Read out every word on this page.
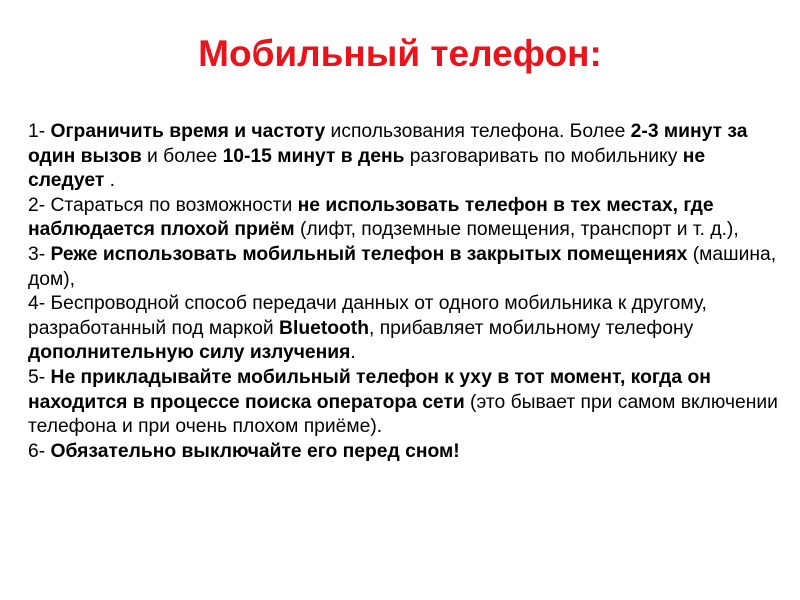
Мобильный телефон:

1- Ограничить время и частоту использования телефона. Более 2-3 минут за один вызов и более 10-15 минут в день разговаривать по мобильнику не следует .

2- Стараться по возможности не использовать телефон в тех местах, где наблюдается плохой приём (лифт, подземные помещения, транспорт и т. д.),

3- Реже использовать мобильный телефон в закрытых помещениях (машина, дом),

4- Беспроводной способ передачи данных от одного мобильника к другому, разработанный под маркой Bluetooth, прибавляет мобильному телефону дополнительную силу излучения.

5- Не прикладывайте мобильный телефон к уху в тот момент, когда он находится в процессе поиска оператора сети (это бывает при самом включении телефона и при очень плохом приёме).

6- Обязательно выключайте его перед сном!
